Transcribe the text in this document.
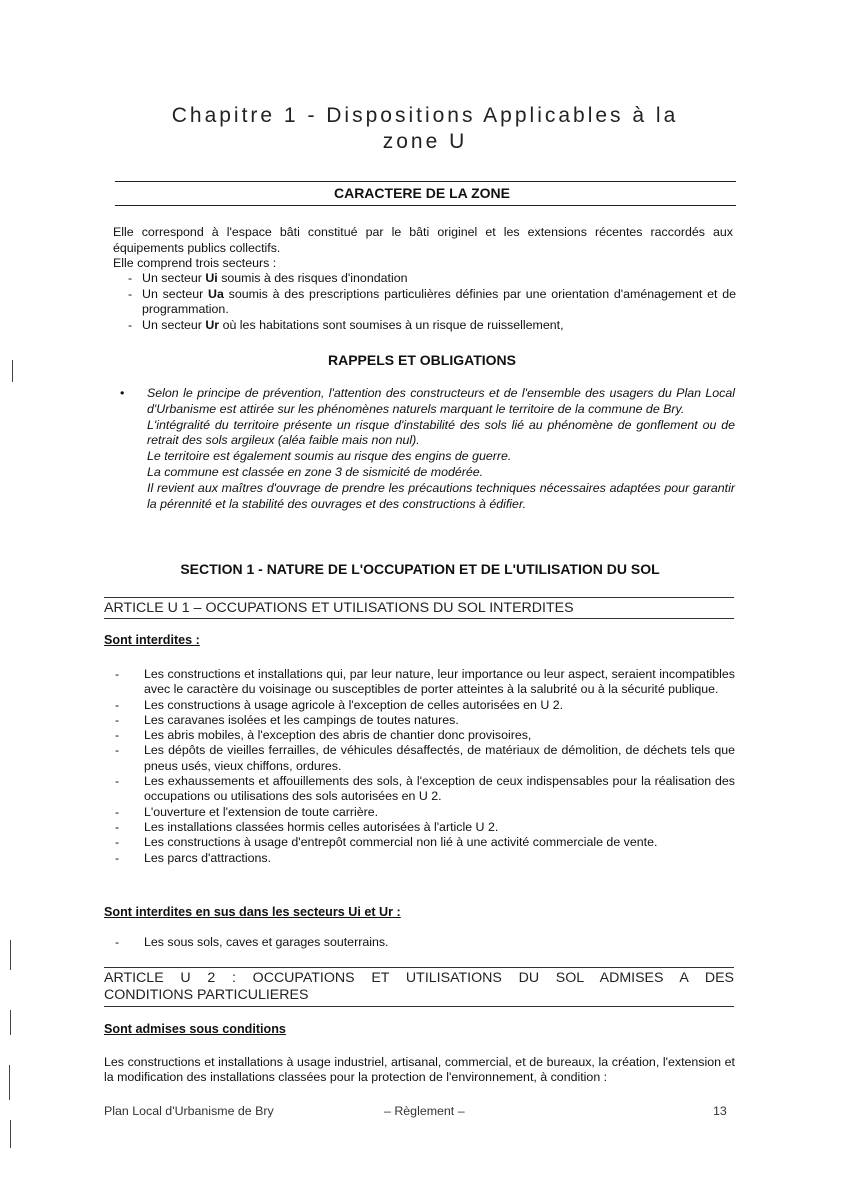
Chapitre 1 - Dispositions Applicables à la
zone U
CARACTERE DE LA ZONE

Elle correspond à l'espace bâti constitué par le bâti originel et les extensions récentes raccordés aux équipements publics collectifs.

Elle comprend trois secteurs :

- Un secteur Ui soumis à des risques d'inondation
- Un secteur Ua soumis à des prescriptions particulières définies par une orientation d'aménagement et de programmation.
- Un secteur Ur où les habitations sont soumises à un risque de ruissellement,
RAPPELS ET OBLIGATIONS
• Selon le principe de prévention, l'attention des constructeurs et de l'ensemble des usagers du Plan Local d'Urbanisme est attirée sur les phénomènes naturels marquant le territoire de la commune de Bry.
L'intégralité du territoire présente un risque d'instabilité des sols lié au phénomène de gonflement ou de retrait des sols argileux (aléa faible mais non nul).
Le territoire est également soumis au risque des engins de guerre.
La commune est classée en zone 3 de sismicité de modérée.
Il revient aux maîtres d'ouvrage de prendre les précautions techniques nécessaires adaptées pour garantir la pérennité et la stabilité des ouvrages et des constructions à édifier.
SECTION 1 - NATURE DE L'OCCUPATION ET DE L'UTILISATION DU SOL
ARTICLE U 1 – OCCUPATIONS ET UTILISATIONS DU SOL INTERDITES
Sont interdites :
-	Les constructions et installations qui, par leur nature, leur importance ou leur aspect, seraient incompatibles avec le caractère du voisinage ou susceptibles de porter atteintes à la salubrité ou à la sécurité publique.
-	Les constructions à usage agricole à l'exception de celles autorisées en U 2.
-	Les caravanes isolées et les campings de toutes natures.
-	Les abris mobiles, à l'exception des abris de chantier donc provisoires,
-	Les dépôts de vieilles ferrailles, de véhicules désaffectés, de matériaux de démolition, de déchets tels que pneus usés, vieux chiffons, ordures.
-	Les exhaussements et affouillements des sols, à l'exception de ceux indispensables pour la réalisation des occupations ou utilisations des sols autorisées en U 2.
-	L'ouverture et l'extension de toute carrière.
-	Les installations classées hormis celles autorisées à l'article U 2.
-	Les constructions à usage d'entrepôt commercial non lié à une activité commerciale de vente.
-	Les parcs d'attractions.
Sont interdites en sus dans les secteurs Ui et Ur :
-	Les sous sols, caves et garages souterrains.
ARTICLE U 2 : OCCUPATIONS ET UTILISATIONS DU SOL ADMISES A DES
CONDITIONS PARTICULIERES
Sont admises sous conditions
Les constructions et installations à usage industriel, artisanal, commercial, et de bureaux, la création, l'extension et la modification des installations classées pour la protection de l'environnement, à condition :
Plan Local d'Urbanisme de Bry	– Règlement –	13
